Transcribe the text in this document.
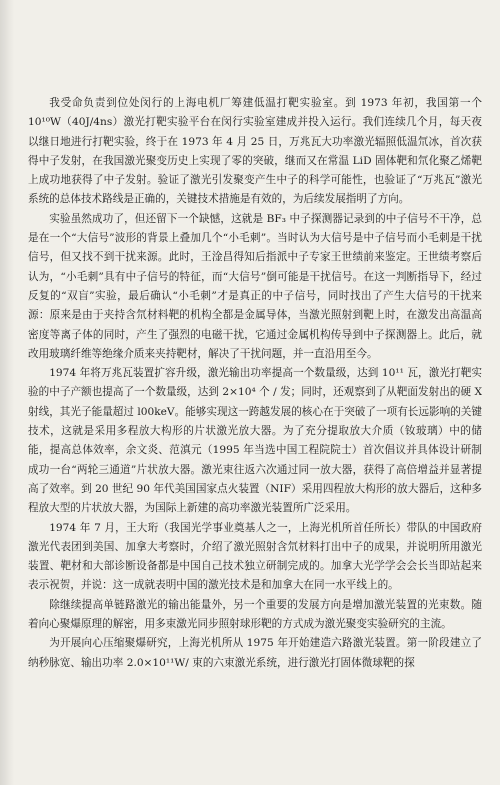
我受命负责到位处闵行的上海电机厂筹建低温打靶实验室。到 1973 年初，我国第一个 10¹⁰W（40J/4ns）激光打靶实验平台在闵行实验室建成并投入运行。我们连续几个月，每天夜以继日地进行打靶实验，终于在 1973 年 4 月 25 日，万兆瓦大功率激光辐照低温氘冰，首次获得中子发射，在我国激光聚变历史上实现了零的突破，继而又在常温 LiD 固体靶和氘化聚乙烯靶上成功地获得了中子发射。验证了激光引发聚变产生中子的科学可能性，也验证了“万兆瓦”激光系统的总体技术路线是正确的，关键技术措施是有效的，为后续发展指明了方向。

实验虽然成功了，但还留下一个缺憾，这就是 BF₃ 中子探测器记录到的中子信号不干净，总是在一个“大信号”波形的背景上叠加几个“小毛刺”。当时认为大信号是中子信号而小毛刺是干扰信号，但又找不到干扰来源。此时，王淦昌得知后指派中子专家王世绩前来鉴定。王世绩考察后认为，“小毛刺”具有中子信号的特征，而“大信号”倒可能是干扰信号。在这一判断指导下，经过反复的“双盲”实验，最后确认“小毛刺”才是真正的中子信号，同时找出了产生大信号的干扰来源：原来是由于夹持含氘材料靶的机构全都是金属导体，当激光照射到靶上时，在激发出高温高密度等离子体的同时，产生了强烈的电磁干扰，它通过金属机构传导到中子探测器上。此后，就改用玻璃纤维等绝缘介质来夹持靶材，解决了干扰问题，并一直沿用至今。

1974 年将万兆瓦装置扩容升级，激光输出功率提高一个数量级，达到 10¹¹ 瓦，激光打靶实验的中子产额也提高了一个数量级，达到 2×10⁴ 个 / 发；同时，还观察到了从靶面发射出的硬 X 射线，其光子能量超过 l00keV。能够实现这一跨越发展的核心在于突破了一项有长远影响的关键技术，这就是采用多程放大构形的片状激光放大器。为了充分提取放大介质（钕玻璃）中的储能，提高总体效率，余文炎、范滇元（1995 年当选中国工程院院士）首次倡议并具体设计研制成功一台“两轮三通道”片状放大器。激光束往返六次通过同一放大器，获得了高倍增益并显著提高了效率。到 20 世纪 90 年代美国国家点火装置（NIF）采用四程放大构形的放大器后，这种多程放大型的片状放大器，为国际上新建的高功率激光装置所广泛采用。

1974 年 7 月，王大珩（我国光学事业奠基人之一，上海光机所首任所长）带队的中国政府激光代表团到美国、加拿大考察时，介绍了激光照射含氘材料打出中子的成果，并说明所用激光装置、靶材和大部诊断设备都是中国自己技术独立研制完成的。加拿大光学学会会长当即站起来表示祝贺，并说：这一成就表明中国的激光技术是和加拿大在同一水平线上的。

除继续提高单链路激光的输出能量外，另一个重要的发展方向是增加激光装置的光束数。随着向心聚爆原理的解密，用多束激光同步照射球形靶的方式成为激光聚变实验研究的主流。

为开展向心压缩聚爆研究，上海光机所从 1975 年开始建造六路激光装置。第一阶段建立了纳秒脉宽、输出功率 2.0×10¹¹W/ 束的六束激光系统，进行激光打固体微球靶的探
